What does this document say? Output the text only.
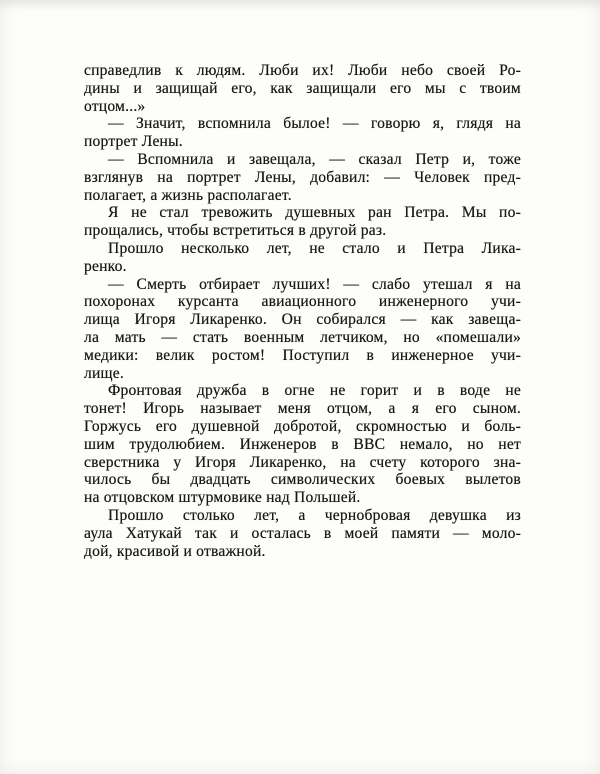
справедлив к людям. Люби их! Люби небо своей Ро-
дины и защищай его, как защищали его мы с твоим
отцом...»
— Значит, вспомнила былое! — говорю я, глядя на
портрет Лены.
— Вспомнила и завещала, — сказал Петр и, тоже
взглянув на портрет Лены, добавил: — Человек пред-
полагает, а жизнь располагает.
Я не стал тревожить душевных ран Петра. Мы по-
прощались, чтобы встретиться в другой раз.
Прошло несколько лет, не стало и Петра Лика-
ренко.
— Смерть отбирает лучших! — слабо утешал я на
похоронах курсанта авиационного инженерного учи-
лища Игоря Ликаренко. Он собирался — как завеща-
ла мать — стать военным летчиком, но «помешали»
медики: велик ростом! Поступил в инженерное учи-
лище.
Фронтовая дружба в огне не горит и в воде не
тонет! Игорь называет меня отцом, а я его сыном.
Горжусь его душевной добротой, скромностью и боль-
шим трудолюбием. Инженеров в ВВС немало, но нет
сверстника у Игоря Ликаренко, на счету которого зна-
чилось бы двадцать символических боевых вылетов
на отцовском штурмовике над Польшей.
Прошло столько лет, а чернобровая девушка из
аула Хатукай так и осталась в моей памяти — моло-
дой, красивой и отважной.
